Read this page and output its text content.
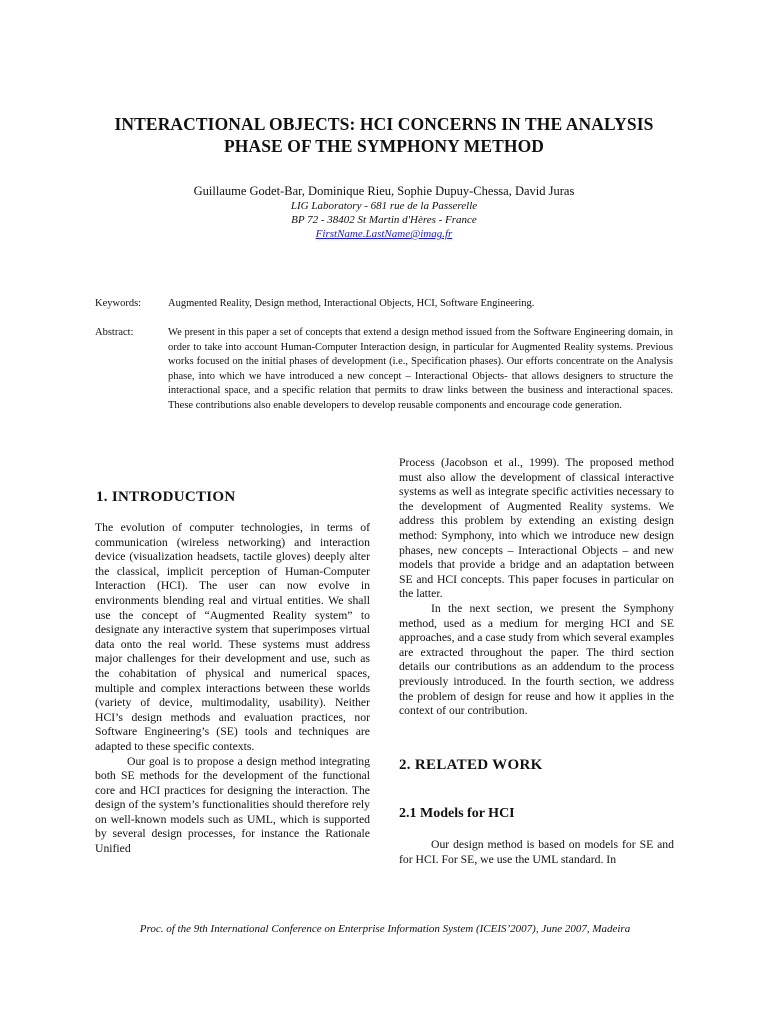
INTERACTIONAL OBJECTS: HCI CONCERNS IN THE ANALYSIS PHASE OF THE SYMPHONY METHOD
Guillaume Godet-Bar, Dominique Rieu, Sophie Dupuy-Chessa, David Juras
LIG Laboratory - 681 rue de la Passerelle
BP 72 - 38402 St Martin d'Hères - France
FirstName.LastName@imag.fr
Keywords:	Augmented Reality, Design method, Interactional Objects, HCI, Software Engineering.
Abstract:	We present in this paper a set of concepts that extend a design method issued from the Software Engineering domain, in order to take into account Human-Computer Interaction design, in particular for Augmented Reality systems. Previous works focused on the initial phases of development (i.e., Specification phases). Our efforts concentrate on the Analysis phase, into which we have introduced a new concept – Interactional Objects- that allows designers to structure the interactional space, and a specific relation that permits to draw links between the business and interactional spaces. These contributions also enable developers to develop reusable components and encourage code generation.
1. INTRODUCTION

The evolution of computer technologies, in terms of communication (wireless networking) and interaction device (visualization headsets, tactile gloves) deeply alter the classical, implicit perception of Human-Computer Interaction (HCI). The user can now evolve in environments blending real and virtual entities. We shall use the concept of “Augmented Reality system” to designate any interactive system that superimposes virtual data onto the real world. These systems must address major challenges for their development and use, such as the cohabitation of physical and numerical spaces, multiple and complex interactions between these worlds (variety of device, multimodality, usability). Neither HCI’s design methods and evaluation practices, nor Software Engineering’s (SE) tools and techniques are adapted to these specific contexts.

Our goal is to propose a design method integrating both SE methods for the development of the functional core and HCI practices for designing the interaction. The design of the system’s functionalities should therefore rely on well-known models such as UML, which is supported by several design processes, for instance the Rationale Unified

Process (Jacobson et al., 1999). The proposed method must also allow the development of classical interactive systems as well as integrate specific activities necessary to the development of Augmented Reality systems. We address this problem by extending an existing design method: Symphony, into which we introduce new design phases, new concepts – Interactional Objects – and new models that provide a bridge and an adaptation between SE and HCI concepts. This paper focuses in particular on the latter.

In the next section, we present the Symphony method, used as a medium for merging HCI and SE approaches, and a case study from which several examples are extracted throughout the paper. The third section details our contributions as an addendum to the process previously introduced. In the fourth section, we address the problem of design for reuse and how it applies in the context of our contribution.

2. RELATED WORK
2.1 Models for HCI
Our design method is based on models for SE and for HCI. For SE, we use the UML standard. In
Proc. of the 9th International Conference on Enterprise Information System (ICEIS’2007), June 2007, Madeira
